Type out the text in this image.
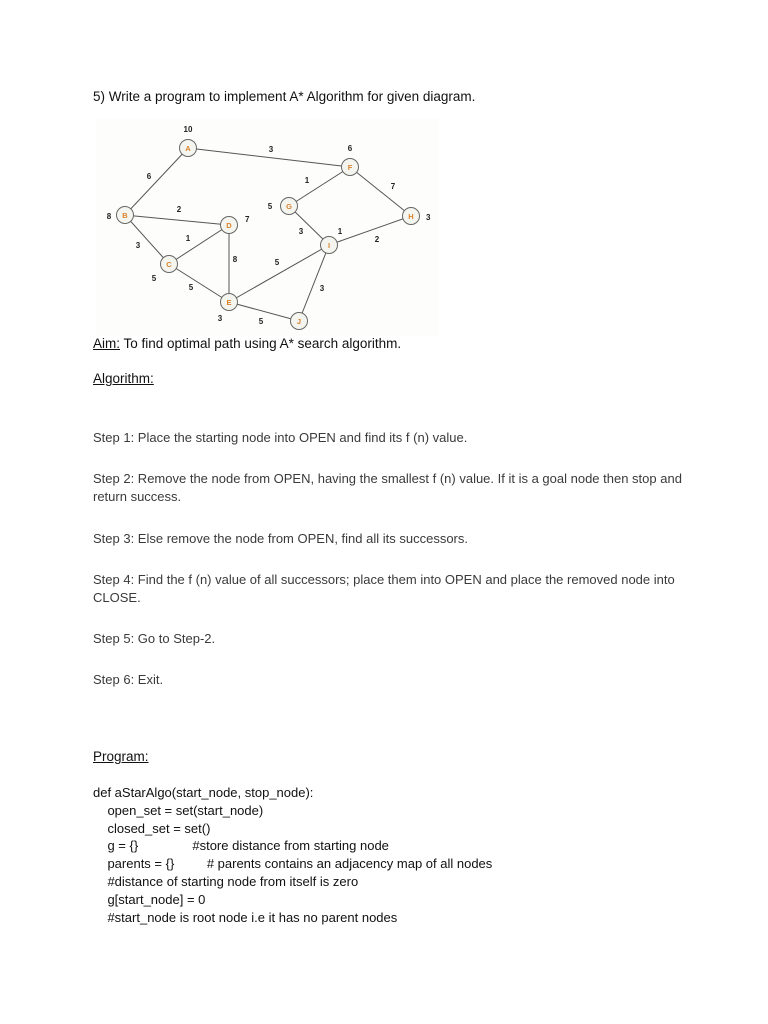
5) Write a program to implement A* Algorithm for given diagram.
3
6
2
3
1
5
8
1
7
3
2
5
3
5
A
10
B
8
C
5
D
7
E
3
F
6
G
5
H 3
I
1
J
Aim: To find optimal path using A* search algorithm.
Algorithm:
Step 1: Place the starting node into OPEN and find its f (n) value.
Step 2: Remove the node from OPEN, having the smallest f (n) value. If it is a goal node then stop and return success.
Step 3: Else remove the node from OPEN, find all its successors.
Step 4: Find the f (n) value of all successors; place them into OPEN and place the removed node into CLOSE.
Step 5: Go to Step-2.
Step 6: Exit.
Program:
def aStarAlgo(start_node, stop_node):
open_set = set(start_node)
closed_set = set()
g = {}               #store distance from starting node
parents = {}         # parents contains an adjacency map of all nodes
#distance of starting node from itself is zero
g[start_node] = 0
#start_node is root node i.e it has no parent nodes
